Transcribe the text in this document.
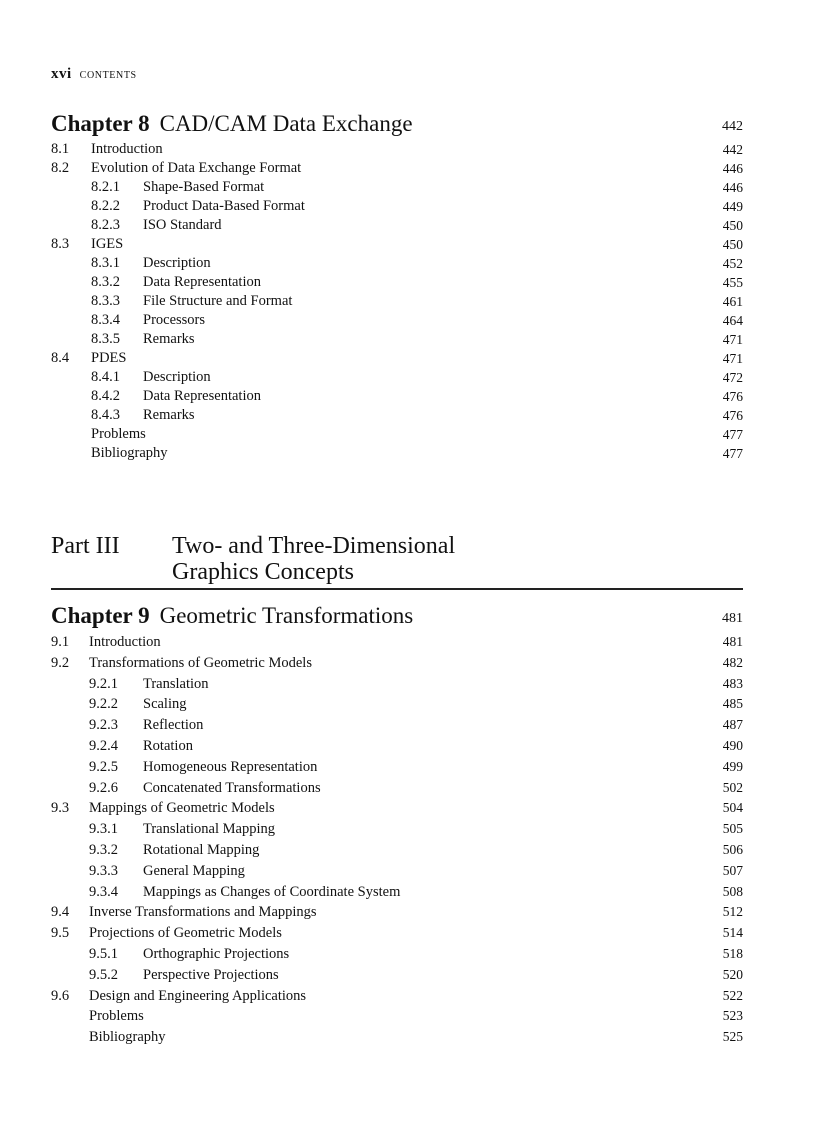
xvi CONTENTS
Chapter 8 CAD/CAM Data Exchange	442
8.1 Introduction	442
8.2 Evolution of Data Exchange Format	446
8.2.1 Shape-Based Format	446
8.2.2 Product Data-Based Format	449
8.2.3 ISO Standard	450
8.3 IGES	450
8.3.1 Description	452
8.3.2 Data Representation	455
8.3.3 File Structure and Format	461
8.3.4 Processors	464
8.3.5 Remarks	471
8.4 PDES	471
8.4.1 Description	472
8.4.2 Data Representation	476
8.4.3 Remarks	476
Problems	477
Bibliography	477
Part III Two- and Three-Dimensional
Graphics Concepts
Chapter 9 Geometric Transformations	481
9.1 Introduction	481
9.2 Transformations of Geometric Models	482
9.2.1 Translation	483
9.2.2 Scaling	485
9.2.3 Reflection	487
9.2.4 Rotation	490
9.2.5 Homogeneous Representation	499
9.2.6 Concatenated Transformations	502
9.3 Mappings of Geometric Models	504
9.3.1 Translational Mapping	505
9.3.2 Rotational Mapping	506
9.3.3 General Mapping	507
9.3.4 Mappings as Changes of Coordinate System	508
9.4 Inverse Transformations and Mappings	512
9.5 Projections of Geometric Models	514
9.5.1 Orthographic Projections	518
9.5.2 Perspective Projections	520
9.6 Design and Engineering Applications	522
Problems	523
Bibliography	525
